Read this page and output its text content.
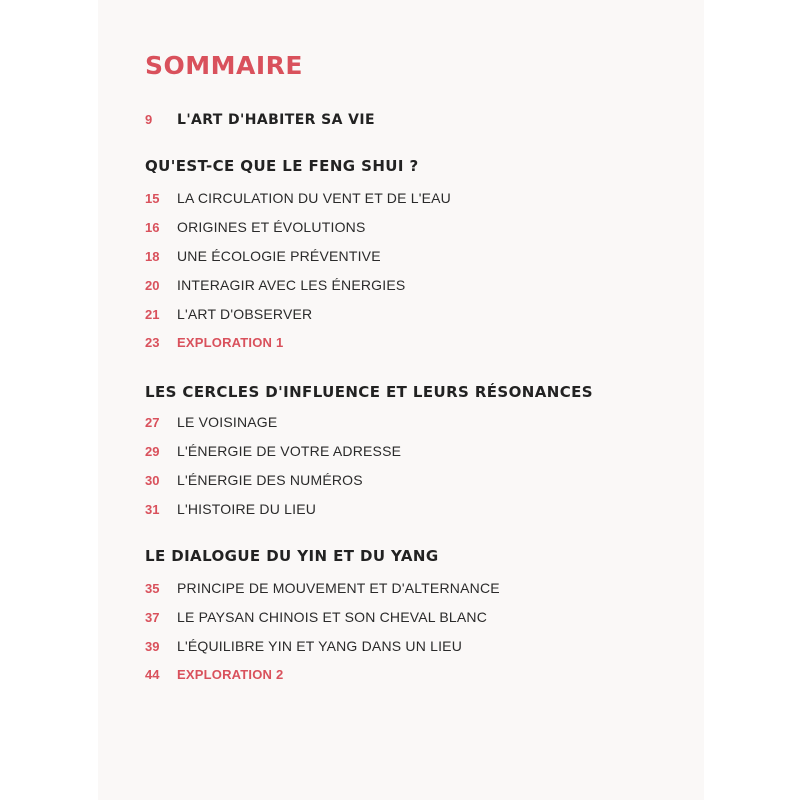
SOMMAIRE
9 L'ART D'HABITER SA VIE
QU'EST-CE QUE LE FENG SHUI ?
15 LA CIRCULATION DU VENT ET DE L'EAU
16 ORIGINES ET ÉVOLUTIONS
18 UNE ÉCOLOGIE PRÉVENTIVE
20 INTERAGIR AVEC LES ÉNERGIES
21 L'ART D'OBSERVER
23 EXPLORATION 1
LES CERCLES D'INFLUENCE ET LEURS RÉSONANCES
27 LE VOISINAGE
29 L'ÉNERGIE DE VOTRE ADRESSE
30 L'ÉNERGIE DES NUMÉROS
31 L'HISTOIRE DU LIEU
LE DIALOGUE DU YIN ET DU YANG
35 PRINCIPE DE MOUVEMENT ET D'ALTERNANCE
37 LE PAYSAN CHINOIS ET SON CHEVAL BLANC
39 L'ÉQUILIBRE YIN ET YANG DANS UN LIEU
44 EXPLORATION 2
